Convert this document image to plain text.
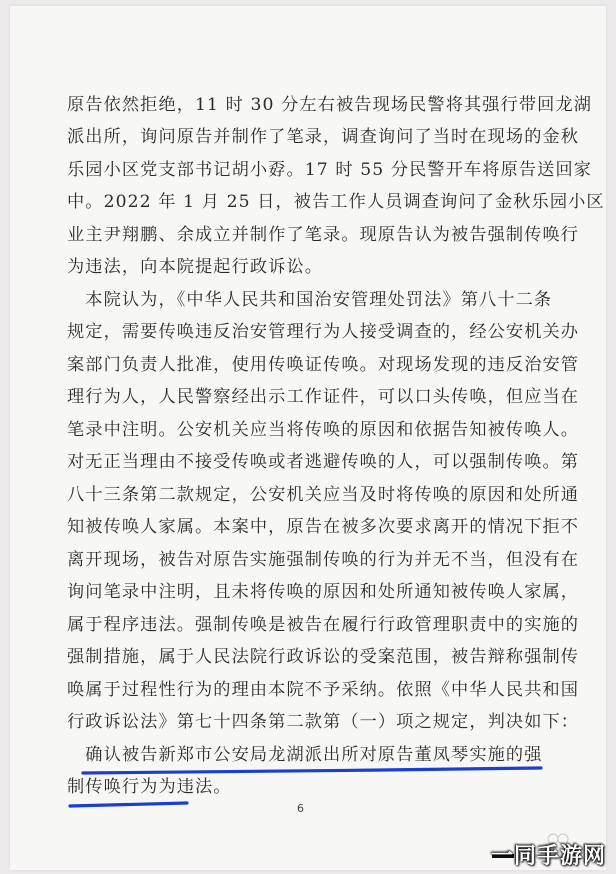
原告依然拒绝，11 时 30 分左右被告现场民警将其强行带回龙湖
派出所，询问原告并制作了笔录，调查询问了当时在现场的金秋
乐园小区党支部书记胡小孬。17 时 55 分民警开车将原告送回家
中。2022 年 1 月 25 日，被告工作人员调查询问了金秋乐园小区
业主尹翔鹏、余成立并制作了笔录。现原告认为被告强制传唤行
为违法，向本院提起行政诉讼。
　本院认为，《中华人民共和国治安管理处罚法》第八十二条
规定，需要传唤违反治安管理行为人接受调查的，经公安机关办
案部门负责人批准，使用传唤证传唤。对现场发现的违反治安管
理行为人，人民警察经出示工作证件，可以口头传唤，但应当在
笔录中注明。公安机关应当将传唤的原因和依据告知被传唤人。
对无正当理由不接受传唤或者逃避传唤的人，可以强制传唤。第
八十三条第二款规定，公安机关应当及时将传唤的原因和处所通
知被传唤人家属。本案中，原告在被多次要求离开的情况下拒不
离开现场，被告对原告实施强制传唤的行为并无不当，但没有在
询问笔录中注明，且未将传唤的原因和处所通知被传唤人家属，
属于程序违法。强制传唤是被告在履行行政管理职责中的实施的
强制措施，属于人民法院行政诉讼的受案范围，被告辩称强制传
唤属于过程性行为的理由本院不予采纳。依照《中华人民共和国
行政诉讼法》第七十四条第二款第（一）项之规定，判决如下：
　确认被告新郑市公安局龙湖派出所对原告董凤琴实施的强
制传唤行为为违法。
6
一同手游网
